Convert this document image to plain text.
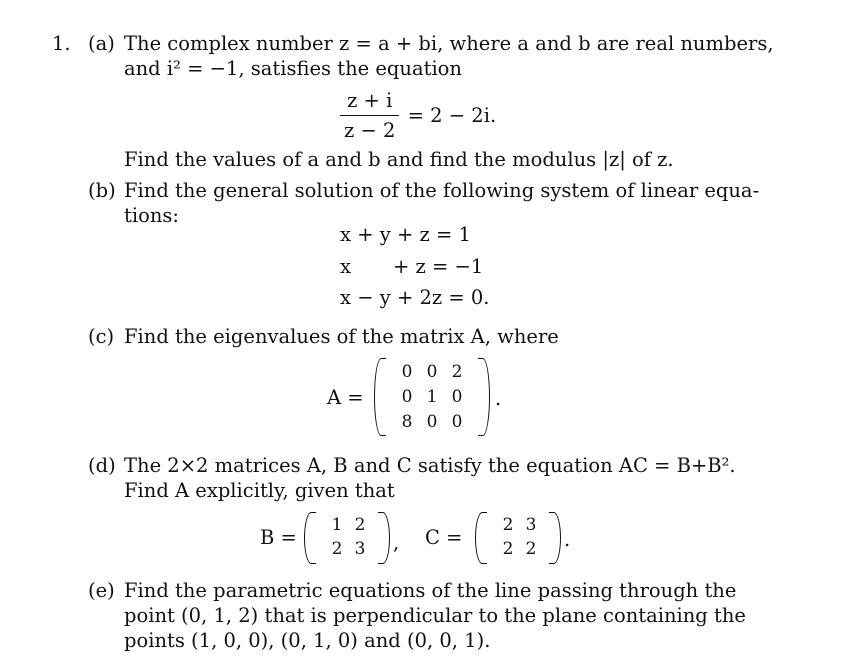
1. (a) The complex number z = a + bi, where a and b are real numbers,
and i² = −1, satisfies the equation
$\frac{z + i}{z - 2} = 2 - 2i$.
Find the values of a and b and find the modulus |z| of z.
(b) Find the general solution of the following system of linear equa-
tions:
x + y + z = 1
x + z = −1
x − y + 2z = 0.
(c) Find the eigenvalues of the matrix A, where
A =
0 0 2
0 1 0
8 0 0
.
(d) The 2×2 matrices A, B and C satisfy the equation AC = B+B².
Find A explicitly, given that
B =
1 2
2 3 , C =
2 3
2 2 .
(e) Find the parametric equations of the line passing through the
point (0, 1, 2) that is perpendicular to the plane containing the
points (1, 0, 0), (0, 1, 0) and (0, 0, 1).
